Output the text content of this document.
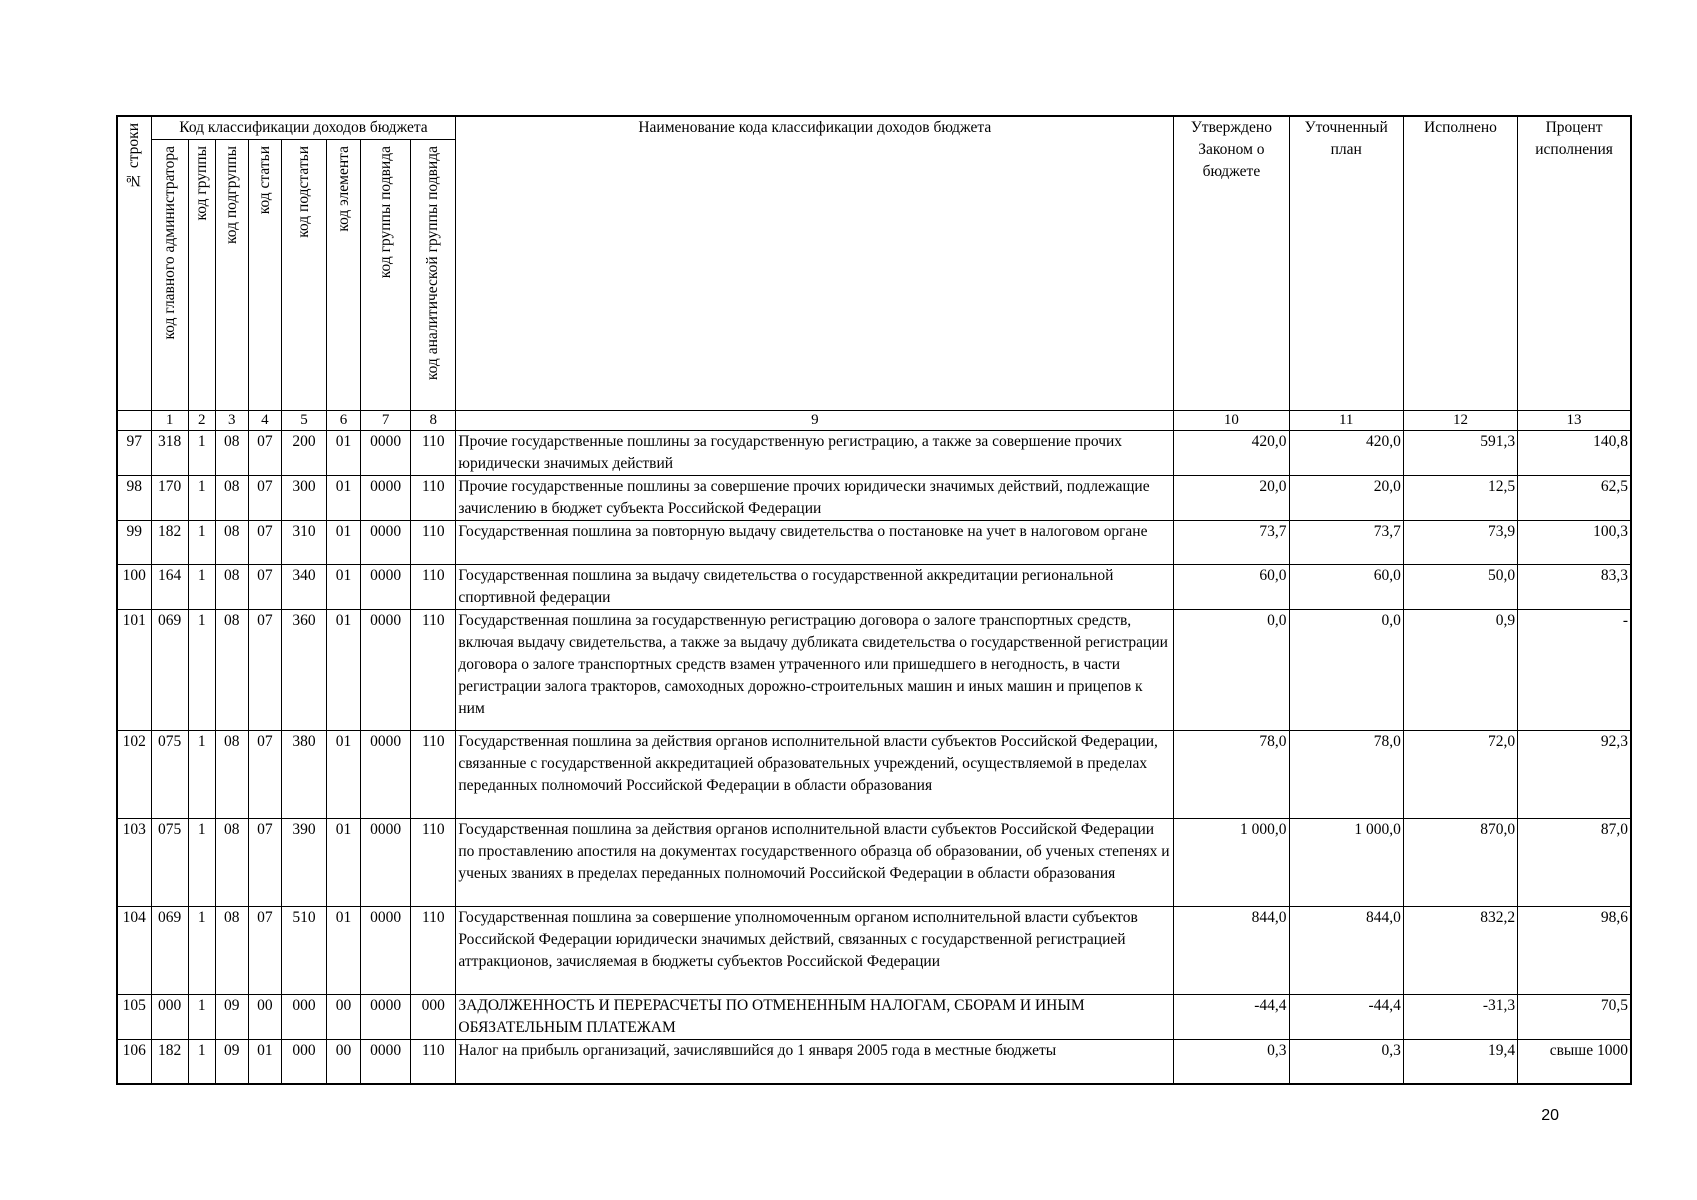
№ строки	Код классификации доходов бюджета								Наименование кода классификации доходов бюджета	Утверждено Законом о бюджете	Уточненный план	Исполнено	Процент исполнения
	код главного администратора	код группы	код подгруппы	код статьи	код подстатьи	код элемента	код группы подвида	код аналитической группы подвида					
	1	2	3	4	5	6	7	8	9	10	11	12	13
97	318	1	08	07	200	01	0000	110	Прочие государственные пошлины за государственную регистрацию, а также за совершение прочих юридически значимых действий	420,0	420,0	591,3	140,8
98	170	1	08	07	300	01	0000	110	Прочие государственные пошлины за совершение прочих юридически значимых действий, подлежащие зачислению в бюджет субъекта Российской Федерации	20,0	20,0	12,5	62,5
99	182	1	08	07	310	01	0000	110	Государственная пошлина за повторную выдачу свидетельства о постановке на учет в налоговом органе	73,7	73,7	73,9	100,3
100	164	1	08	07	340	01	0000	110	Государственная пошлина за выдачу свидетельства о государственной аккредитации региональной спортивной федерации	60,0	60,0	50,0	83,3
101	069	1	08	07	360	01	0000	110	Государственная пошлина за государственную регистрацию договора о залоге транспортных средств, включая выдачу свидетельства, а также за выдачу дубликата свидетельства о государственной регистрации договора о залоге транспортных средств взамен утраченного или пришедшего в негодность, в части регистрации залога тракторов, самоходных дорожно-строительных машин и иных машин и прицепов к ним	0,0	0,0	0,9	-
102	075	1	08	07	380	01	0000	110	Государственная пошлина за действия органов исполнительной власти субъектов Российской Федерации, связанные с государственной аккредитацией образовательных учреждений, осуществляемой в пределах переданных полномочий Российской Федерации в области образования	78,0	78,0	72,0	92,3
103	075	1	08	07	390	01	0000	110	Государственная пошлина за действия органов исполнительной власти субъектов Российской Федерации по проставлению апостиля на документах государственного образца об образовании, об ученых степенях и ученых званиях в пределах переданных полномочий Российской Федерации в области образования	1 000,0	1 000,0	870,0	87,0
104	069	1	08	07	510	01	0000	110	Государственная пошлина за совершение уполномоченным органом исполнительной власти субъектов Российской Федерации юридически значимых действий, связанных с государственной регистрацией аттракционов, зачисляемая в бюджеты субъектов Российской Федерации	844,0	844,0	832,2	98,6
105	000	1	09	00	000	00	0000	000	ЗАДОЛЖЕННОСТЬ И ПЕРЕРАСЧЕТЫ ПО ОТМЕНЕННЫМ НАЛОГАМ, СБОРАМ И ИНЫМ ОБЯЗАТЕЛЬНЫМ ПЛАТЕЖАМ	-44,4	-44,4	-31,3	70,5
106	182	1	09	01	000	00	0000	110	Налог на прибыль организаций, зачислявшийся до 1 января 2005 года в местные бюджеты	0,3	0,3	19,4	свыше 1000
20
